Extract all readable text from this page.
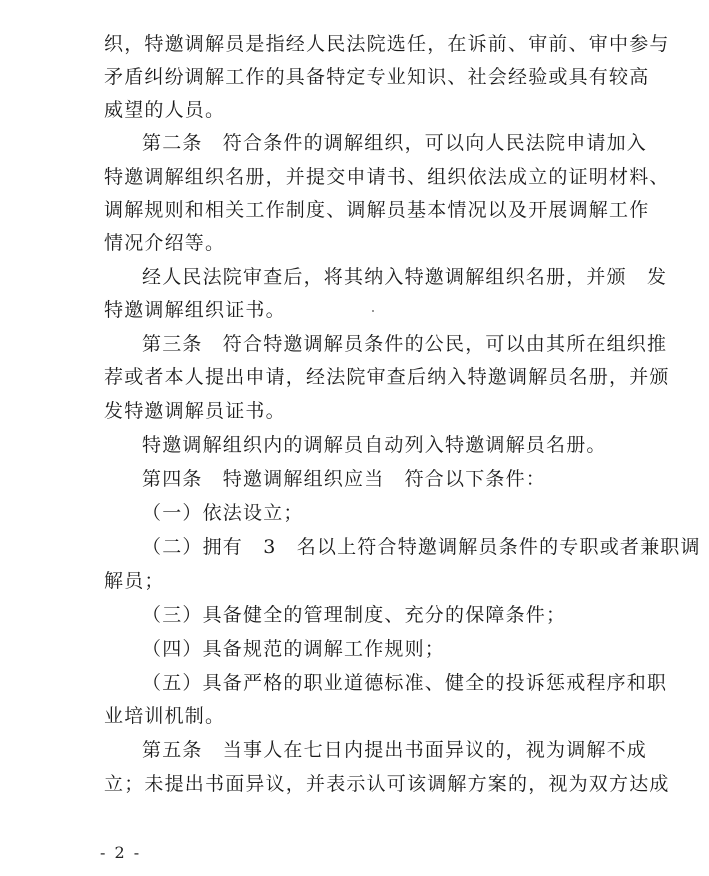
织，特邀调解员是指经人民法院选任，在诉前、审前、审中参与
矛盾纠纷调解工作的具备特定专业知识、社会经验或具有较高
威望的人员。
第二条　符合条件的调解组织，可以向人民法院申请加入
特邀调解组织名册，并提交申请书、组织依法成立的证明材料、
调解规则和相关工作制度、调解员基本情况以及开展调解工作
情况介绍等。
经人民法院审查后，将其纳入特邀调解组织名册，并颁　发
特邀调解组织证书。
第三条　符合特邀调解员条件的公民，可以由其所在组织推
荐或者本人提出申请，经法院审查后纳入特邀调解员名册，并颁
发特邀调解员证书。
特邀调解组织内的调解员自动列入特邀调解员名册。
第四条　特邀调解组织应当　符合以下条件：
（一）依法设立；
（二）拥有　3　名以上符合特邀调解员条件的专职或者兼职调
解员；
（三）具备健全的管理制度、充分的保障条件；
（四）具备规范的调解工作规则；
（五）具备严格的职业道德标准、健全的投诉惩戒程序和职
业培训机制。
第五条　当事人在七日内提出书面异议的，视为调解不成
立；未提出书面异议，并表示认可该调解方案的，视为双方达成
- 2 -
